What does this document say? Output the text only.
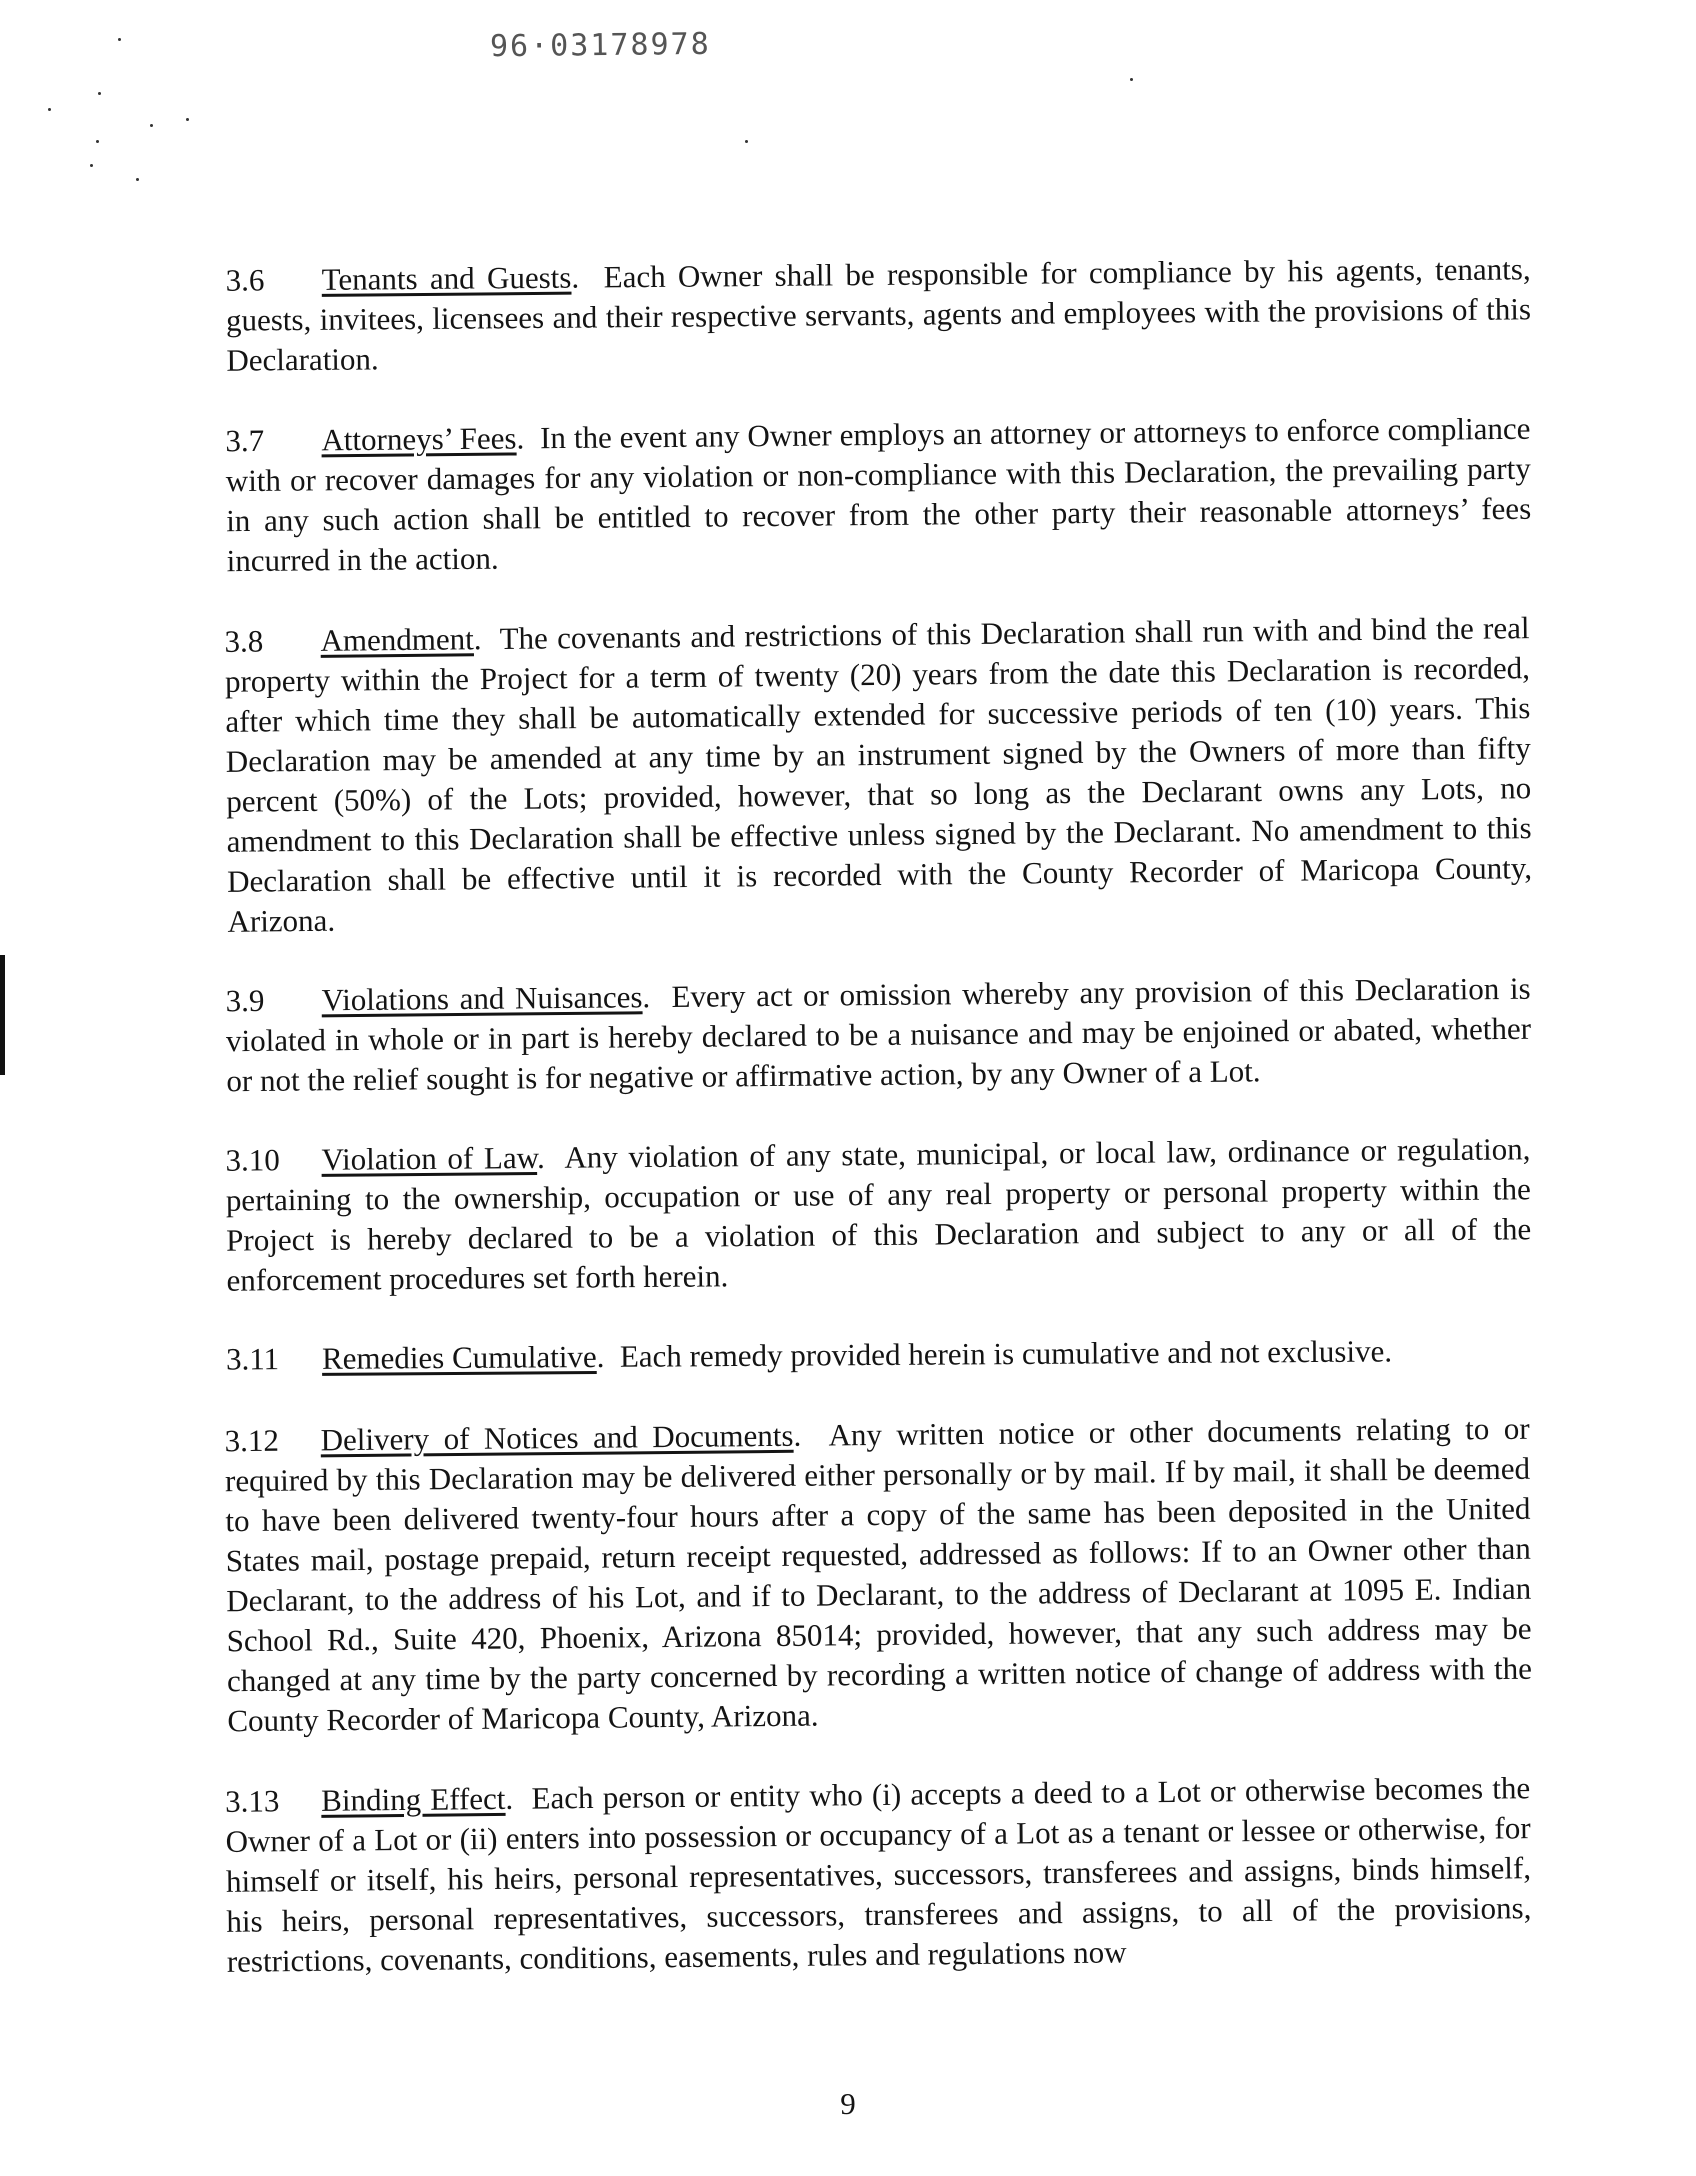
96·03178978

3.6 Tenants and Guests.  Each Owner shall be responsible for compliance by his agents, tenants, guests, invitees, licensees and their respective servants, agents and employees with the provisions of this Declaration.

3.7 Attorneys’ Fees.  In the event any Owner employs an attorney or attorneys to enforce compliance with or recover damages for any violation or non-compliance with this Declaration, the prevailing party in any such action shall be entitled to recover from the other party their reasonable attorneys’ fees incurred in the action.

3.8 Amendment.  The covenants and restrictions of this Declaration shall run with and bind the real property within the Project for a term of twenty (20) years from the date this Declaration is recorded, after which time they shall be automatically extended for successive periods of ten (10) years. This Declaration may be amended at any time by an instrument signed by the Owners of more than fifty percent (50%) of the Lots; provided, however, that so long as the Declarant owns any Lots, no amendment to this Declaration shall be effective unless signed by the Declarant. No amendment to this Declaration shall be effective until it is recorded with the County Recorder of Maricopa County, Arizona.

3.9 Violations and Nuisances.  Every act or omission whereby any provision of this Declaration is violated in whole or in part is hereby declared to be a nuisance and may be enjoined or abated, whether or not the relief sought is for negative or affirmative action, by any Owner of a Lot.

3.10 Violation of Law.  Any violation of any state, municipal, or local law, ordinance or regulation, pertaining to the ownership, occupation or use of any real property or personal property within the Project is hereby declared to be a violation of this Declaration and subject to any or all of the enforcement procedures set forth herein.

3.11 Remedies Cumulative.  Each remedy provided herein is cumulative and not exclusive.

3.12 Delivery of Notices and Documents.  Any written notice or other documents relating to or required by this Declaration may be delivered either personally or by mail. If by mail, it shall be deemed to have been delivered twenty-four hours after a copy of the same has been deposited in the United States mail, postage prepaid, return receipt requested, addressed as follows: If to an Owner other than Declarant, to the address of his Lot, and if to Declarant, to the address of Declarant at 1095 E. Indian School Rd., Suite 420, Phoenix, Arizona 85014; provided, however, that any such address may be changed at any time by the party concerned by recording a written notice of change of address with the County Recorder of Maricopa County, Arizona.

3.13 Binding Effect.  Each person or entity who (i) accepts a deed to a Lot or otherwise becomes the Owner of a Lot or (ii) enters into possession or occupancy of a Lot as a tenant or lessee or otherwise, for himself or itself, his heirs, personal representatives, successors, transferees and assigns, binds himself, his heirs, personal representatives, successors, transferees and assigns, to all of the provisions, restrictions, covenants, conditions, easements, rules and regulations now

9
